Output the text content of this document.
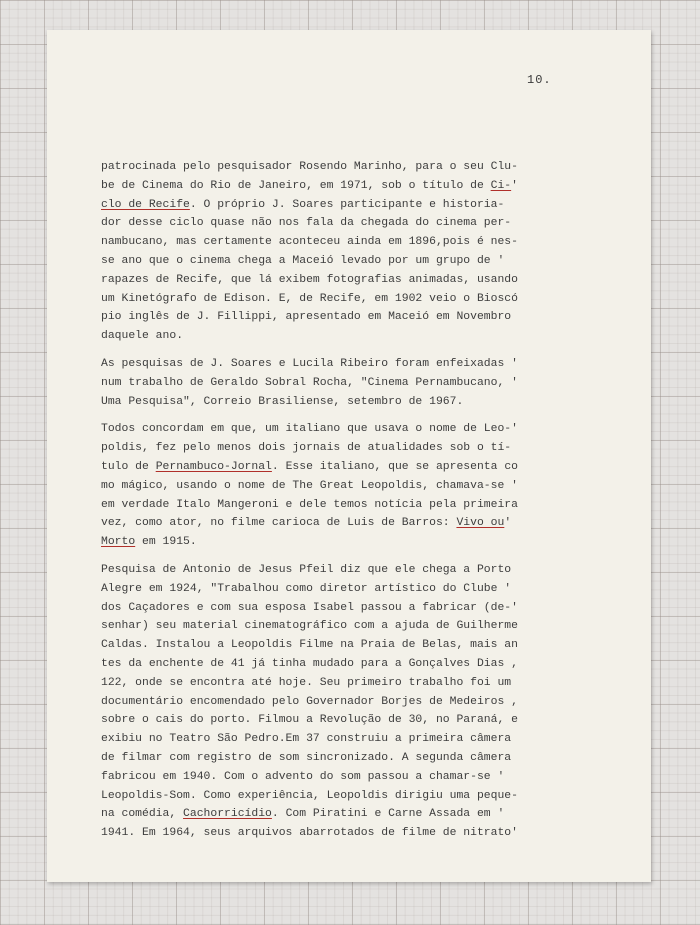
10.
patrocinada pelo pesquisador Rosendo Marinho, para o seu Clu-
be de Cinema do Rio de Janeiro, em 1971, sob o título de Ci-'
clo de Recife. O próprio J. Soares participante e historia-
dor desse ciclo quase não nos fala da chegada do cinema per-
nambucano, mas certamente aconteceu ainda em 1896,pois é nes-
se ano que o cinema chega a Maceió levado por um grupo de '
rapazes de Recife, que lá exibem fotografias animadas, usando
um Kinetógrafo de Edison. E, de Recife, em 1902 veio o Bioscó
pio inglês de J. Fillippi, apresentado em Maceió em Novembro
daquele ano.
As pesquisas de J. Soares e Lucila Ribeiro foram enfeixadas '
num trabalho de Geraldo Sobral Rocha, "Cinema Pernambucano, '
Uma Pesquisa", Correio Brasiliense, setembro de 1967.
Todos concordam em que, um italiano que usava o nome de Leo-'
poldis, fez pelo menos dois jornais de atualidades sob o tí-
tulo de Pernambuco-Jornal. Esse italiano, que se apresenta co
mo mágico, usando o nome de The Great Leopoldis, chamava-se '
em verdade Italo Mangeroni e dele temos notícia pela primeira
vez, como ator, no filme carioca de Luis de Barros: Vivo ou'
Morto em 1915.
Pesquisa de Antonio de Jesus Pfeil diz que ele chega a Porto
Alegre em 1924, "Trabalhou como diretor artístico do Clube '
dos Caçadores e com sua esposa Isabel passou a fabricar (de-'
senhar) seu material cinematográfico com a ajuda de Guilherme
Caldas. Instalou a Leopoldis Filme na Praia de Belas, mais an
tes da enchente de 41 já tinha mudado para a Gonçalves Dias ,
122, onde se encontra até hoje. Seu primeiro trabalho foi um
documentário encomendado pelo Governador Borjes de Medeiros ,
sobre o cais do porto. Filmou a Revolução de 30, no Paraná, e
exibiu no Teatro São Pedro.Em 37 construiu a primeira câmera
de filmar com registro de som sincronizado. A segunda câmera
fabricou em 1940. Com o advento do som passou a chamar-se '
Leopoldis-Som. Como experiência, Leopoldis dirigiu uma peque-
na comédia, Cachorricídio. Com Piratini e Carne Assada em '
1941. Em 1964, seus arquivos abarrotados de filme de nitrato'
